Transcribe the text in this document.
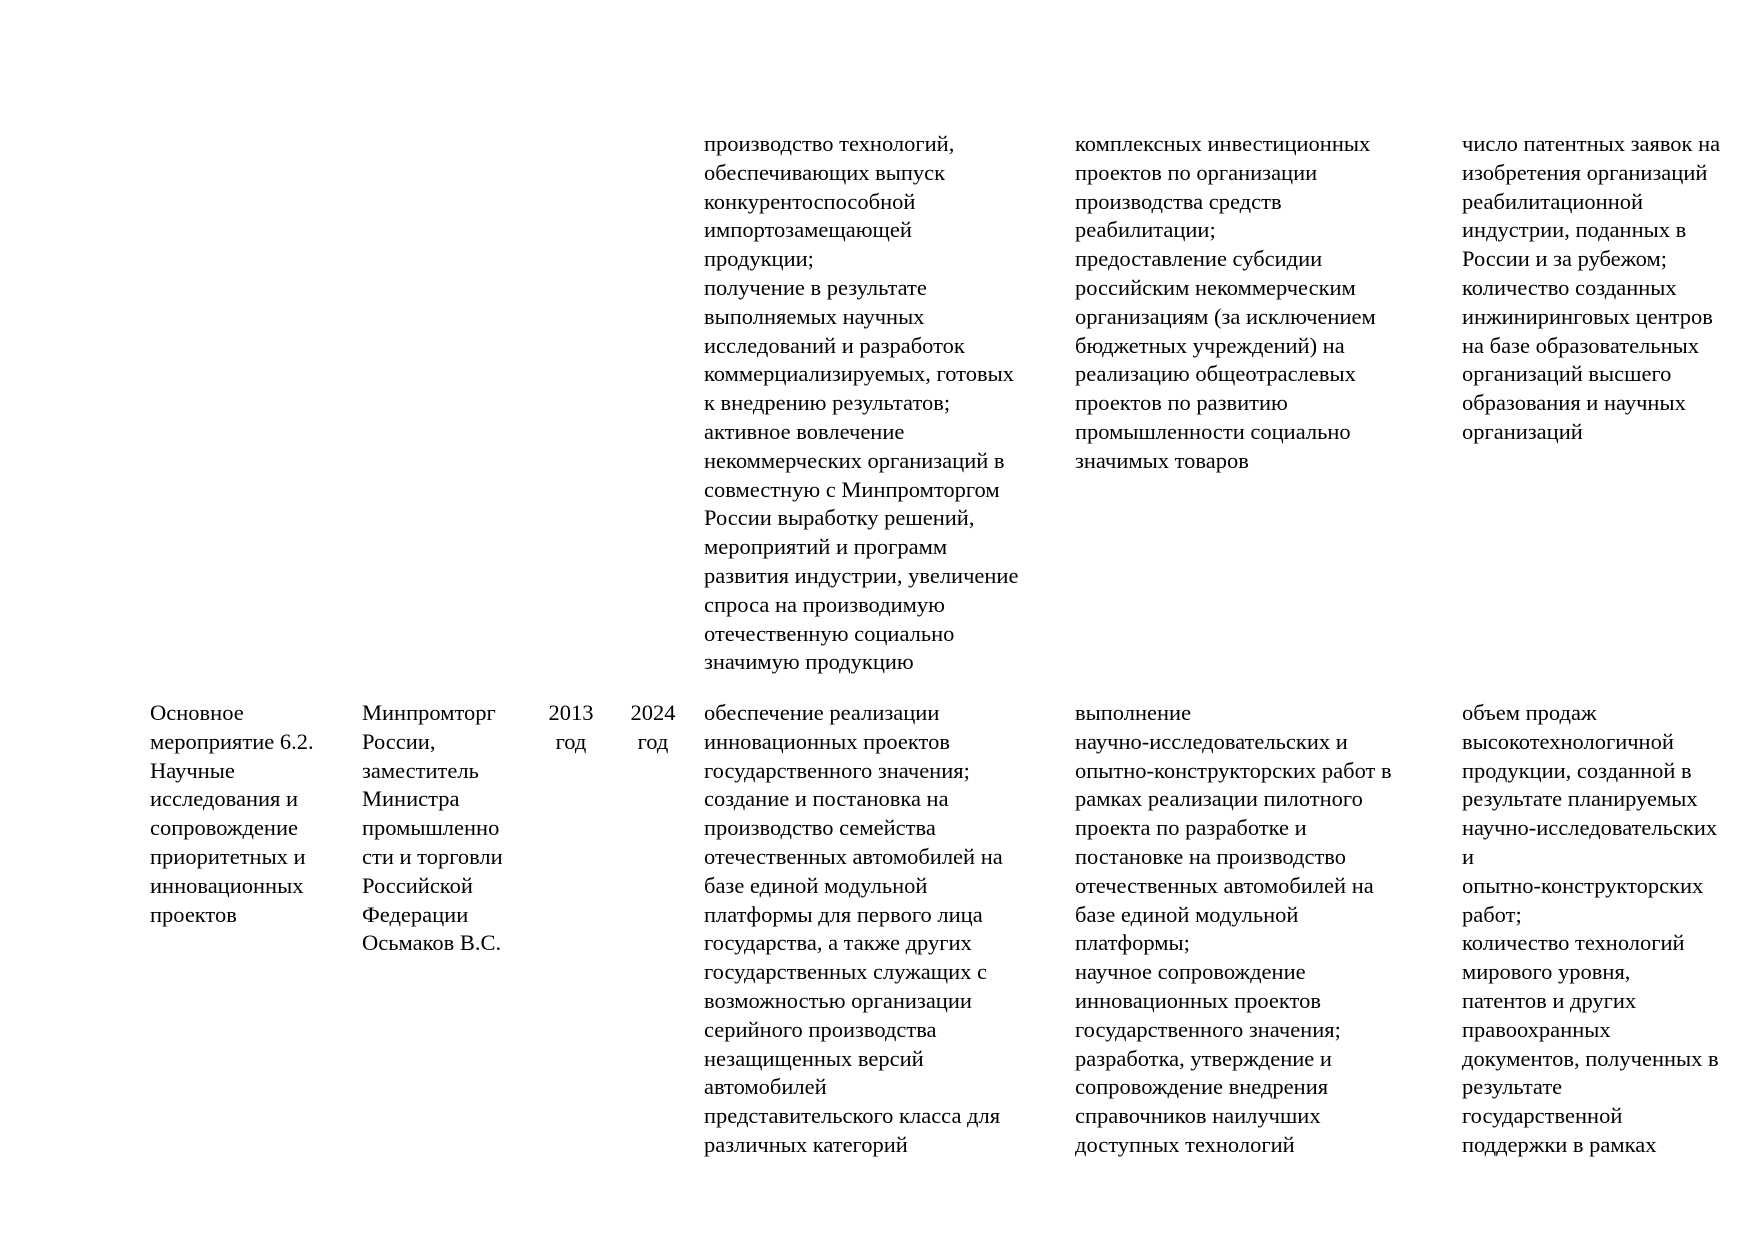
производство технологий,
обеспечивающих выпуск
конкурентоспособной
импортозамещающей
продукции;
получение в результате
выполняемых научных
исследований и разработок
коммерциализируемых, готовых
к внедрению результатов;
активное вовлечение
некоммерческих организаций в
совместную с Минпромторгом
России выработку решений,
мероприятий и программ
развития индустрии, увеличение
спроса на производимую
отечественную социально
значимую продукцию
комплексных инвестиционных
проектов по организации
производства средств
реабилитации;
предоставление субсидии
российским некоммерческим
организациям (за исключением
бюджетных учреждений) на
реализацию общеотраслевых
проектов по развитию
промышленности социально
значимых товаров
число патентных заявок на
изобретения организаций
реабилитационной
индустрии, поданных в
России и за рубежом;
количество созданных
инжиниринговых центров
на базе образовательных
организаций высшего
образования и научных
организаций
Основное
мероприятие 6.2.
Научные
исследования и
сопровождение
приоритетных и
инновационных
проектов
Минпромторг
России,
заместитель
Министра
промышленно
сти и торговли
Российской
Федерации
Осьмаков В.С.
2013
год
2024
год
обеспечение реализации
инновационных проектов
государственного значения;
создание и постановка на
производство семейства
отечественных автомобилей на
базе единой модульной
платформы для первого лица
государства, а также других
государственных служащих с
возможностью организации
серийного производства
незащищенных версий
автомобилей
представительского класса для
различных категорий
выполнение
научно-исследовательских и
опытно-конструкторских работ в
рамках реализации пилотного
проекта по разработке и
постановке на производство
отечественных автомобилей на
базе единой модульной
платформы;
научное сопровождение
инновационных проектов
государственного значения;
разработка, утверждение и
сопровождение внедрения
справочников наилучших
доступных технологий
объем продаж
высокотехнологичной
продукции, созданной в
результате планируемых
научно-исследовательских
и
опытно-конструкторских
работ;
количество технологий
мирового уровня,
патентов и других
правоохранных
документов, полученных в
результате
государственной
поддержки в рамках
